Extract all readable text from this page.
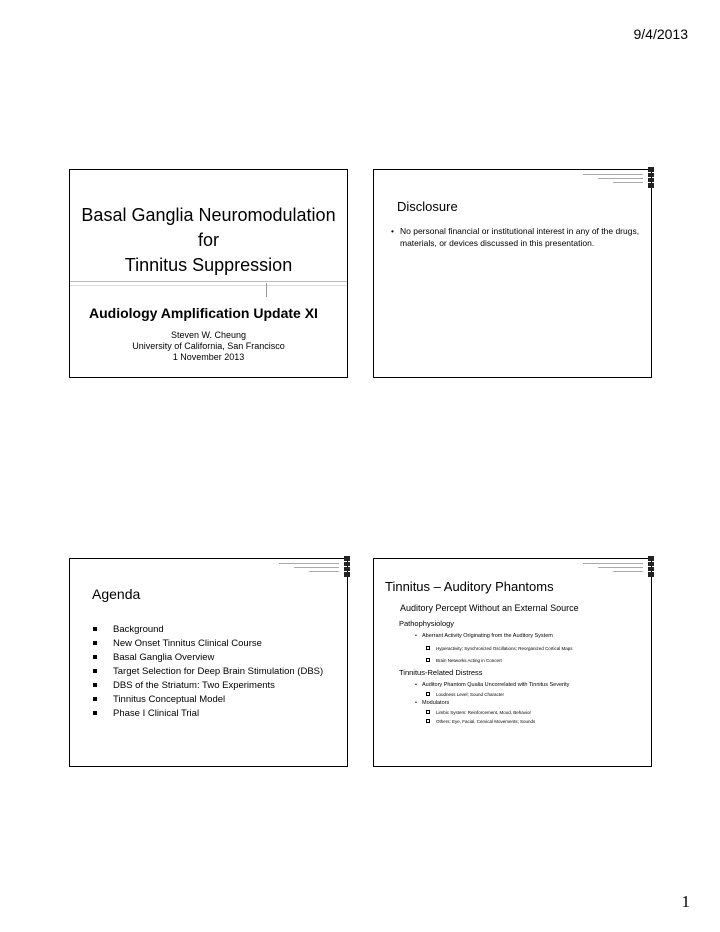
9/4/2013
Basal Ganglia Neuromodulation for
Tinnitus Suppression
Audiology Amplification Update XI
Steven W. Cheung
University of California, San Francisco
1 November 2013
Disclosure
• No personal financial or institutional interest in any of the drugs, materials, or devices discussed in this presentation.
Agenda
Background
New Onset Tinnitus Clinical Course
Basal Ganglia Overview
Target Selection for Deep Brain Stimulation (DBS)
DBS of the Striatum: Two Experiments
Tinnitus Conceptual Model
Phase I Clinical Trial
Tinnitus – Auditory Phantoms
Auditory Percept Without an External Source
Pathophysiology
• Aberrant Activity Originating from the Auditory System
Hyperactivity; Synchronized Oscillations; Reorganized Cortical Maps
Brain Networks Acting in Concert
Tinnitus-Related Distress
• Auditory Phantom Qualia Uncorrelated with Tinnitus Severity
Loudness Level; Sound Character
• Modulators
Limbic System: Reinforcement, Mood, Behavior
Others: Eye, Facial, Cervical Movements; Sounds
1
